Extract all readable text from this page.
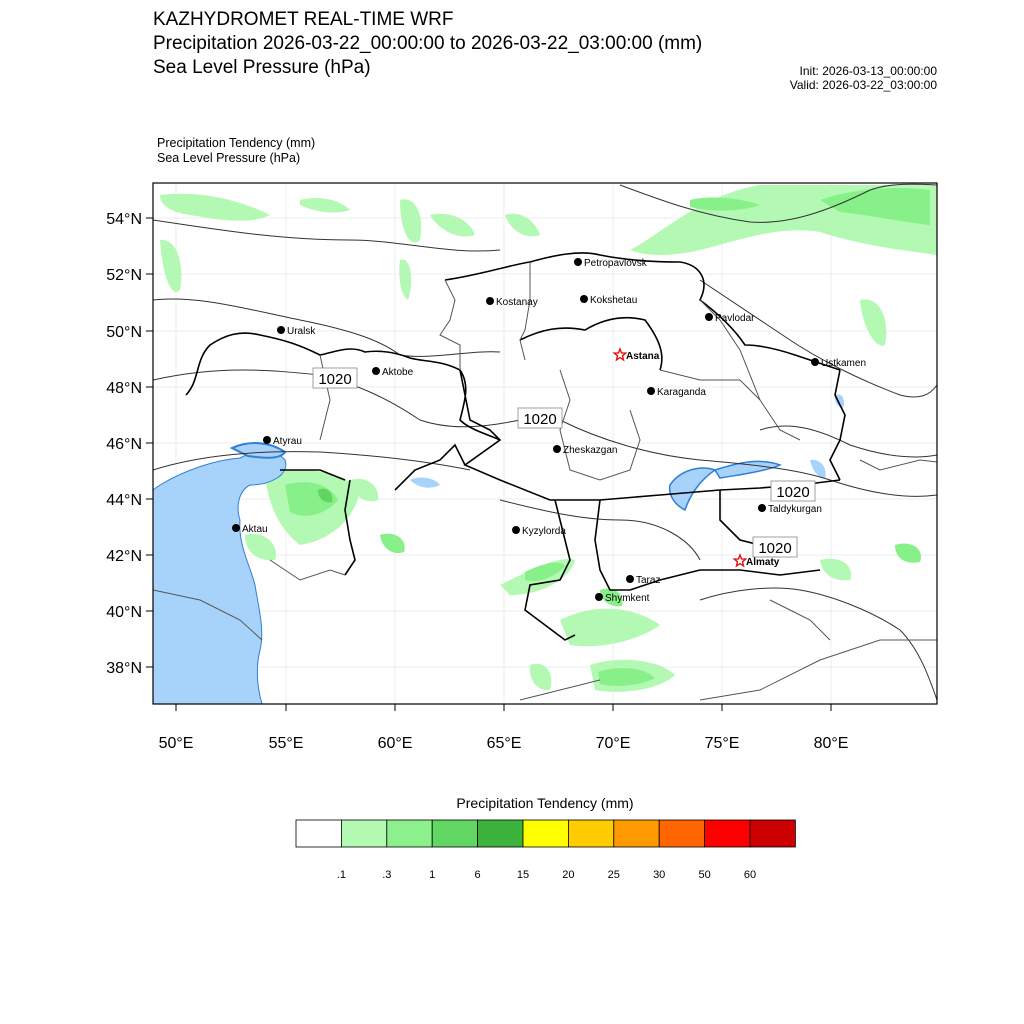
KAZHYDROMET REAL-TIME WRF
Precipitation 2026-03-22_00:00:00 to 2026-03-22_03:00:00 (mm)
Sea Level Pressure (hPa)	Init: 2026-03-13_00:00:00
Valid: 2026-03-22_03:00:00
Precipitation Tendency (mm)
Sea Level Pressure (hPa)
54°N
52°N
50°N
48°N
46°N
44°N
42°N
40°N
38°N
50°E	55°E	60°E	65°E	70°E	75°E	80°E
1020
1020
1020
1020
Petropavlovsk
Kostanay	Kokshetau
Pavlodar
Uralsk
Astana
Ustkamen
Aktobe
Karaganda
Atyrau
Zheskazgan
Taldykurgan
Aktau	Kyzylorda
Almaty
Taraz
Shymkent
.1	.3	1	6	15	20	25	30	50	60
Precipitation Tendency (mm)
